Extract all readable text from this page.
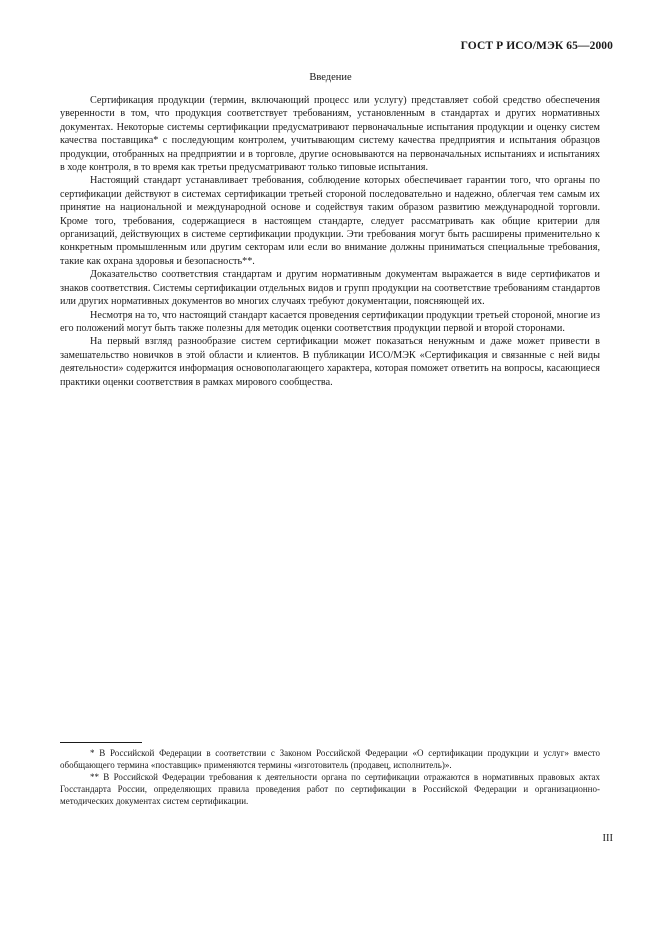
ГОСТ Р ИСО/МЭК 65—2000
Введение

Сертификация продукции (термин, включающий процесс или услугу) представляет собой средство обеспечения уверенности в том, что продукция соответствует требованиям, установленным в стандартах и других нормативных документах. Некоторые системы сертификации предусматривают первоначальные испытания продукции и оценку систем качества поставщика* с последующим контролем, учитывающим систему качества предприятия и испытания образцов продукции, отобранных на предприятии и в торговле, другие основываются на первоначальных испытаниях и испытаниях в ходе контроля, в то время как третьи предусматривают только типовые испытания.

Настоящий стандарт устанавливает требования, соблюдение которых обеспечивает гарантии того, что органы по сертификации действуют в системах сертификации третьей стороной последовательно и надежно, облегчая тем самым их принятие на национальной и международной основе и содействуя таким образом развитию международной торговли. Кроме того, требования, содержащиеся в настоящем стандарте, следует рассматривать как общие критерии для организаций, действующих в системе сертификации продукции. Эти требования могут быть расширены применительно к конкретным промышленным или другим секторам или если во внимание должны приниматься специальные требования, такие как охрана здоровья и безопасность**.

Доказательство соответствия стандартам и другим нормативным документам выражается в виде сертификатов и знаков соответствия. Системы сертификации отдельных видов и групп продукции на соответствие требованиям стандартов или других нормативных документов во многих случаях требуют документации, поясняющей их.

Несмотря на то, что настоящий стандарт касается проведения сертификации продукции третьей стороной, многие из его положений могут быть также полезны для методик оценки соответствия продукции первой и второй сторонами.

На первый взгляд разнообразие систем сертификации может показаться ненужным и даже может привести в замешательство новичков в этой области и клиентов. В публикации ИСО/МЭК «Сертификация и связанные с ней виды деятельности» содержится информация основополагающего характера, которая поможет ответить на вопросы, касающиеся практики оценки соответствия в рамках мирового сообщества.

* В Российской Федерации в соответствии с Законом Российской Федерации «О сертификации продукции и услуг» вместо обобщающего термина «поставщик» применяются термины «изготовитель (продавец, исполнитель)».

** В Российской Федерации требования к деятельности органа по сертификации отражаются в нормативных правовых актах Госстандарта России, определяющих правила проведения работ по сертификации в Российской Федерации и организационно-методических документах систем сертификации.

III
